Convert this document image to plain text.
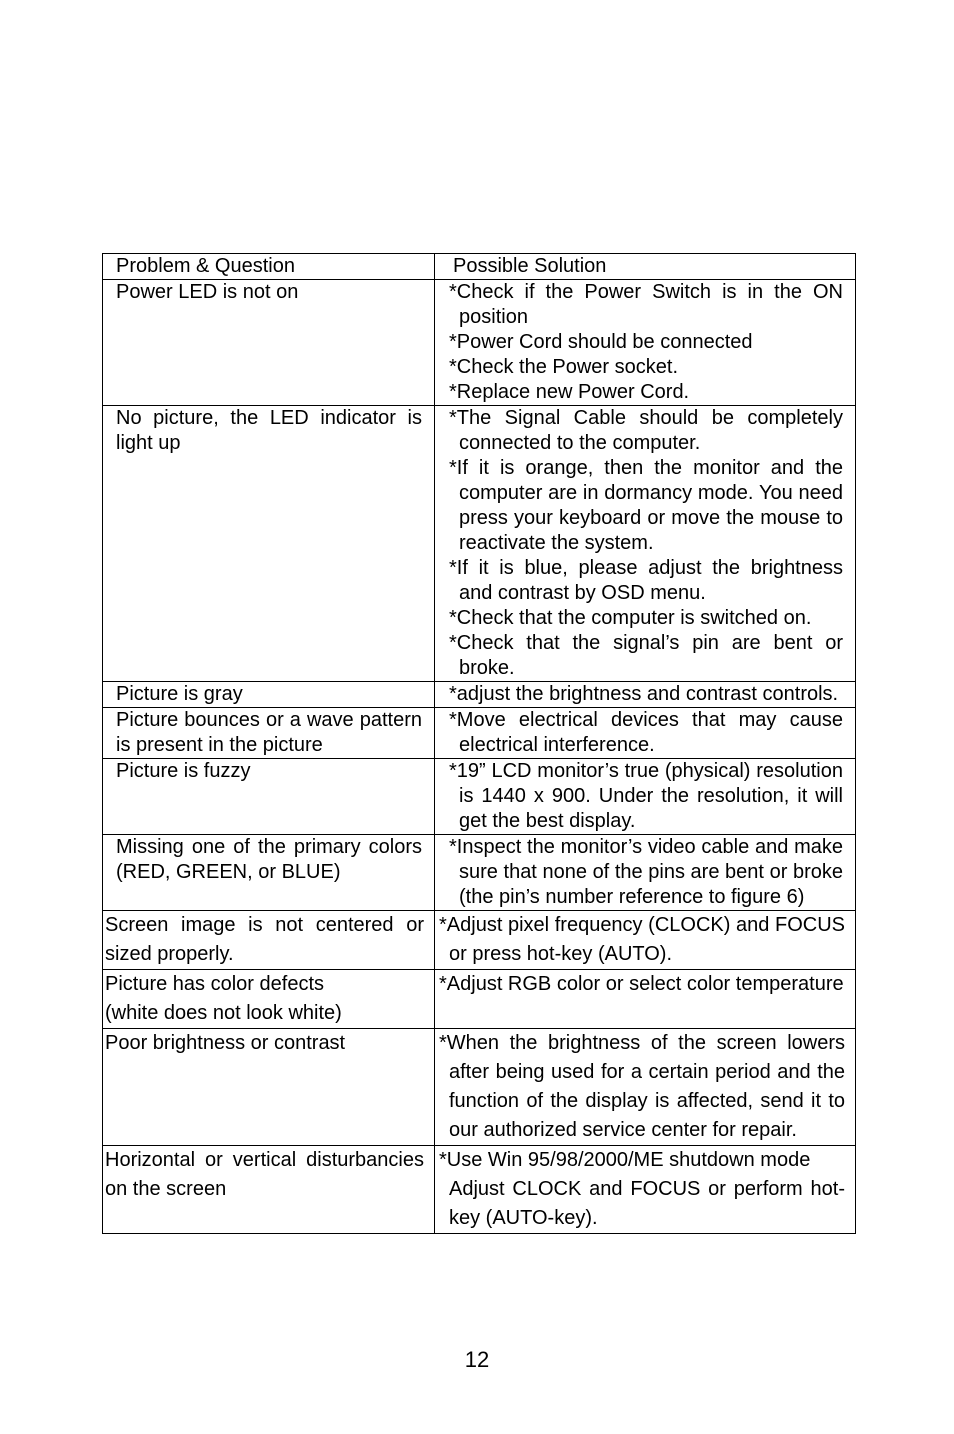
Problem & Question	Possible Solution

Power LED is not on	*Check if the Power Switch is in the ON position

*Power Cord should be connected

*Check the Power socket.

*Replace new Power Cord.

No picture, the LED indicator is light up	*The Signal Cable should be completely connected to the computer.

*If it is orange, then the monitor and the computer are in dormancy mode. You need press your keyboard or move the mouse to reactivate the system.

*If it is blue, please adjust the brightness and contrast by OSD menu.

*Check that the computer is switched on.

*Check that the signal’s pin are bent or broke.

Picture is gray	*adjust the brightness and contrast controls.

Picture bounces or a wave pattern is present in the picture	*Move electrical devices that may cause electrical interference.

Picture is fuzzy	*19” LCD monitor’s true (physical) resolution is 1440 x 900. Under the resolution, it will get the best display.

Missing one of the primary colors (RED, GREEN, or BLUE)	*Inspect the monitor’s video cable and make sure that none of the pins are bent or broke (the pin’s number reference to figure 6)

Screen image is not centered or sized properly.	*Adjust pixel frequency (CLOCK) and FOCUS or press hot-key (AUTO).

Picture has color defects
(white does not look white)	*Adjust RGB color or select color temperature

Poor brightness or contrast	*When the brightness of the screen lowers after being used for a certain period and the function of the display is affected, send it to our authorized service center for repair.

Horizontal or vertical disturbancies on the screen	*Use Win 95/98/2000/ME shutdown mode

Adjust CLOCK and FOCUS or perform hot- key (AUTO-key).

12
